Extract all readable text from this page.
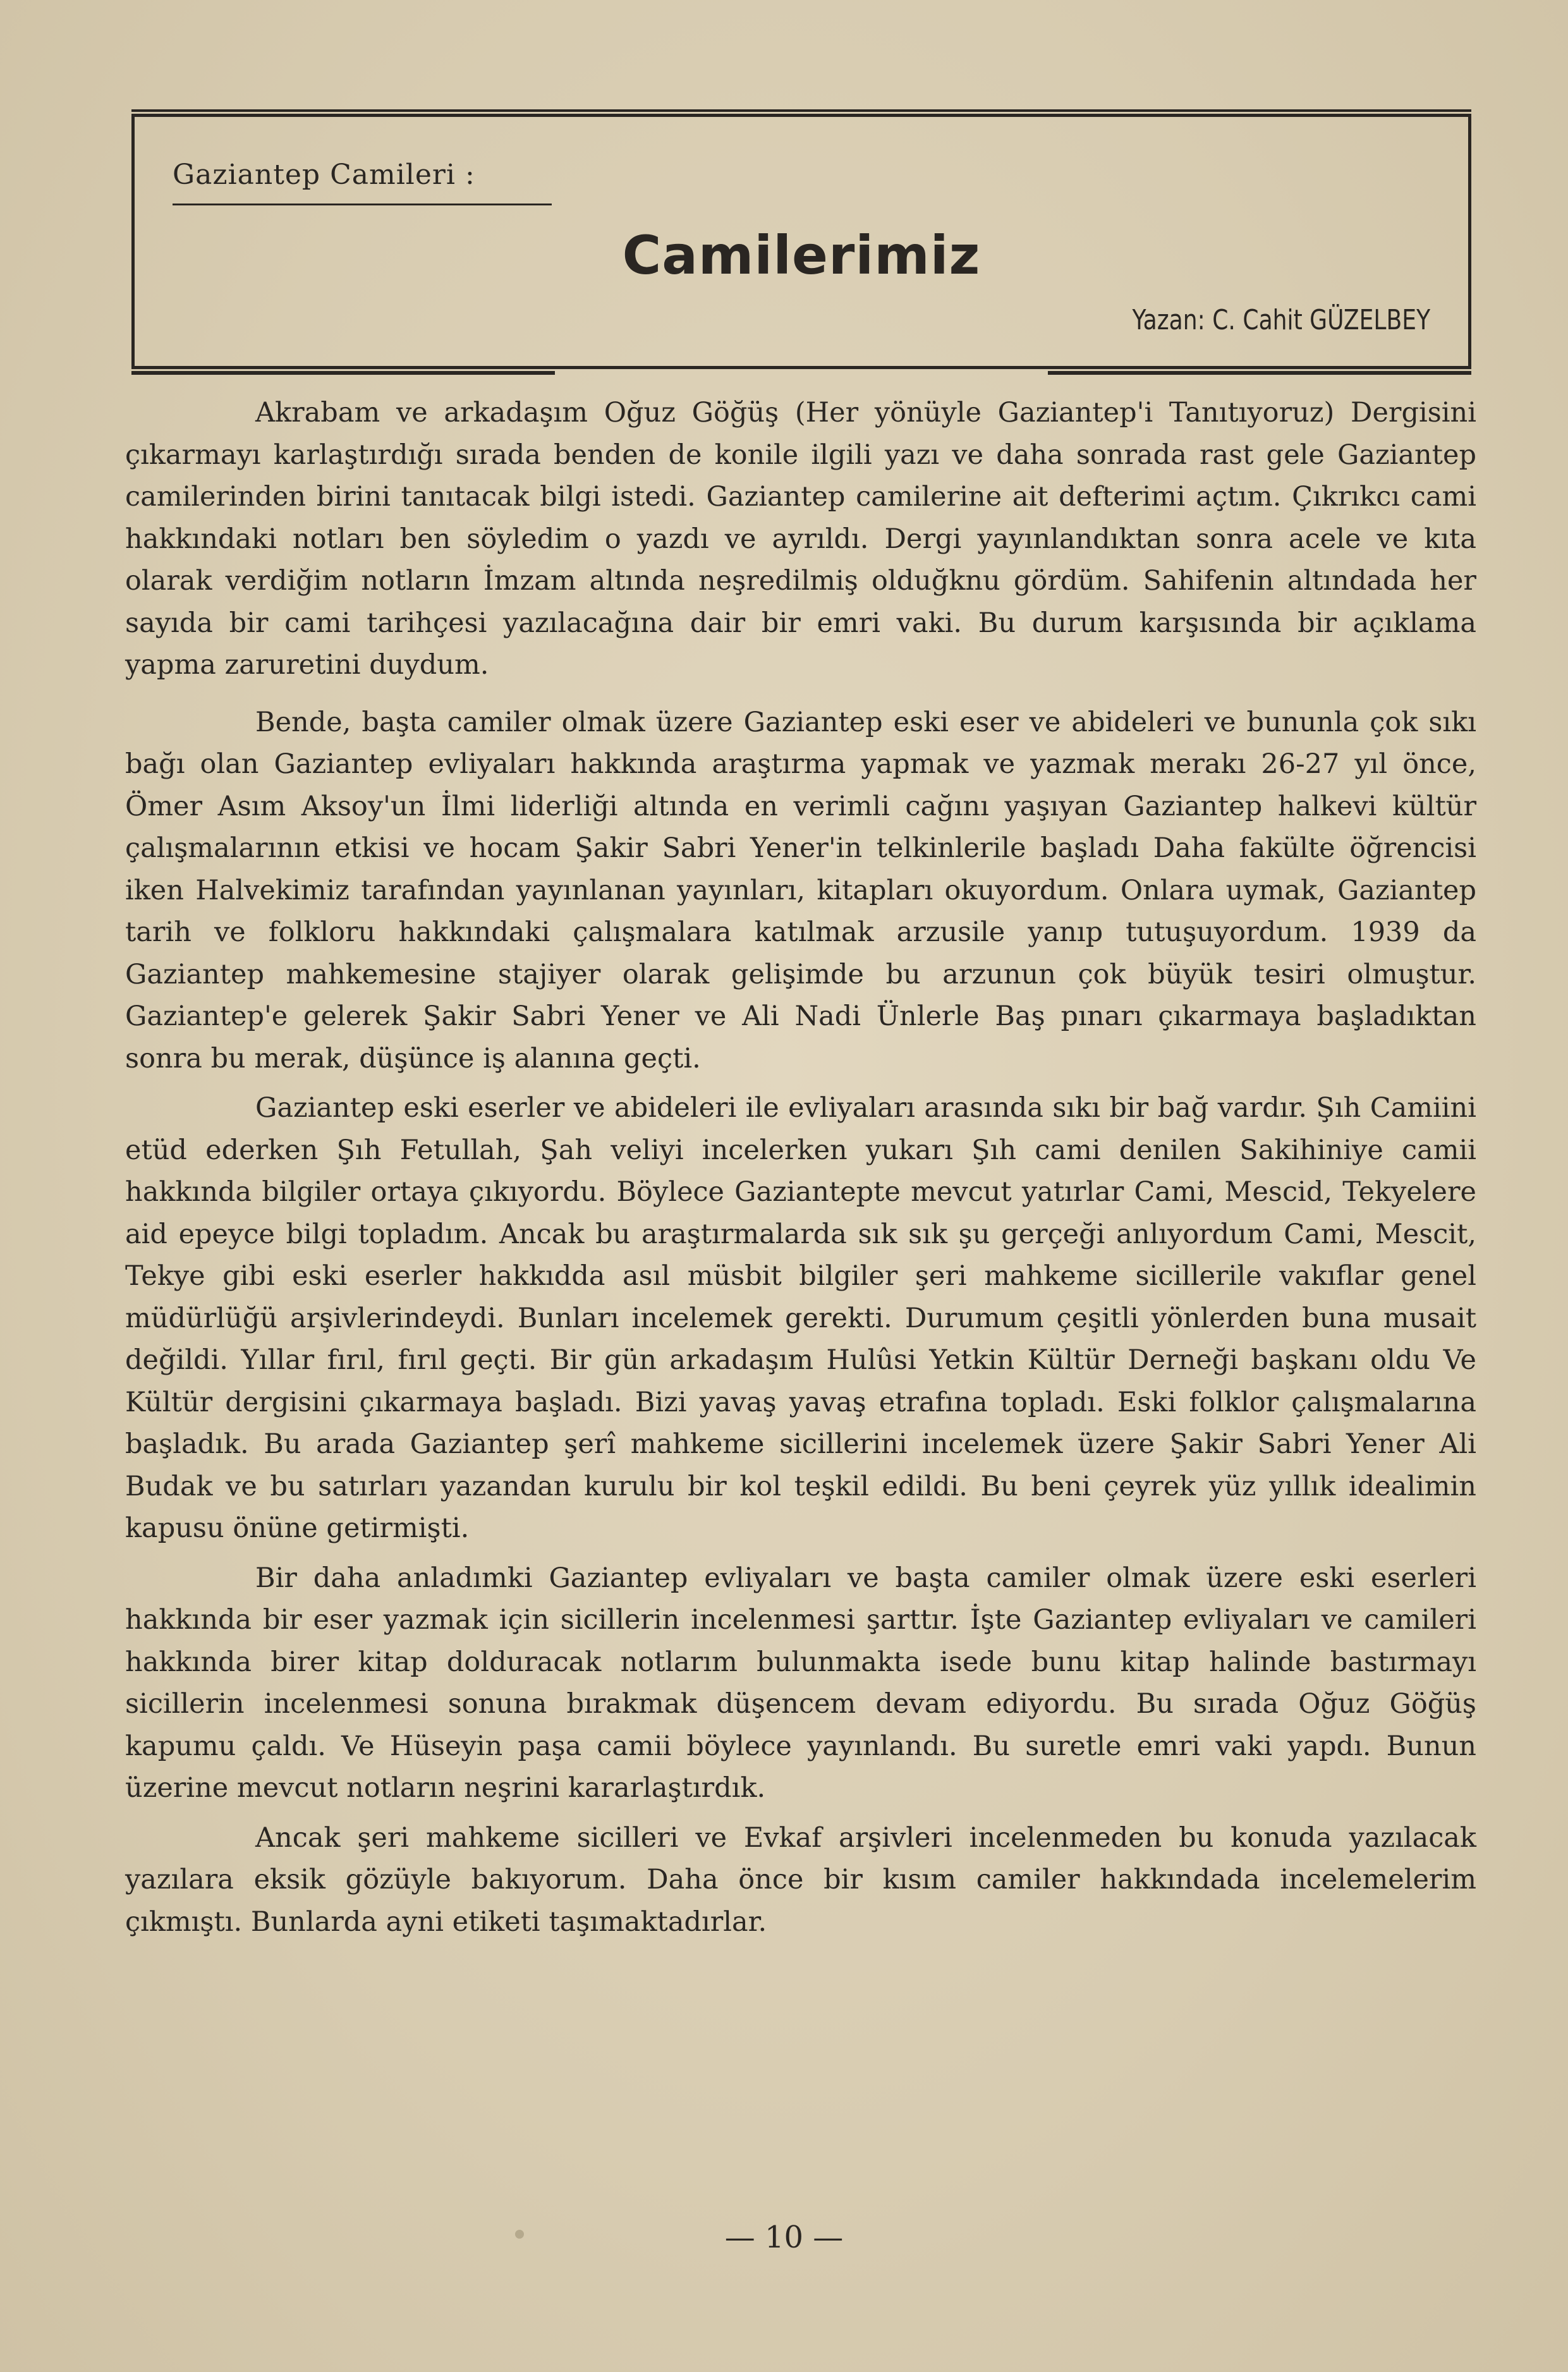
Gaziantep Camileri :
Camilerimiz
Yazan: C. Cahit GÜZELBEY

Akrabam ve arkadaşım Oğuz Göğüş (Her yönüyle Gaziantep'i Tanıtıyoruz) Dergisini çıkarmayı karlaştırdığı sırada benden de konile ilgili yazı ve daha sonrada rast gele Gaziantep camilerinden birini tanıtacak bilgi istedi. Gaziantep camilerine ait defterimi açtım. Çıkrıkcı cami hakkındaki notları ben söyledim o yazdı ve ayrıldı. Dergi yayınlandıktan sonra acele ve kıta olarak verdiğim notların İmzam altında neşredilmiş olduğknu gördüm. Sahifenin altındada her sayıda bir cami tarihçesi yazılacağına dair bir emri vaki. Bu durum karşısında bir açıklama yapma zaruretini duydum.

Bende, başta camiler olmak üzere Gaziantep eski eser ve abideleri ve bununla çok sıkı bağı olan Gaziantep evliyaları hakkında araştırma yapmak ve yazmak merakı 26-27 yıl önce, Ömer Asım Aksoy'un İlmi liderliği altında en verimli cağını yaşıyan Gaziantep halkevi kültür çalışmalarının etkisi ve hocam Şakir Sabri Yener'in telkinlerile başladı Daha fakülte öğrencisi iken Halvekimiz tarafından yayınlanan yayınları, kitapları okuyordum. Onlara uymak, Gaziantep tarih ve folkloru hakkındaki çalışmalara katılmak arzusile yanıp tutuşuyordum. 1939 da Gaziantep mahkemesine stajiyer olarak gelişimde bu arzunun çok büyük tesiri olmuştur. Gaziantep'e gelerek Şakir Sabri Yener ve Ali Nadi Ünlerle Baş pınarı çıkarmaya başladıktan sonra bu merak, düşünce iş alanına geçti.

Gaziantep eski eserler ve abideleri ile evliyaları arasında sıkı bir bağ vardır. Şıh Camiini etüd ederken Şıh Fetullah, Şah veliyi incelerken yukarı Şıh cami denilen Sakihiniye camii hakkında bilgiler ortaya çıkıyordu. Böylece Gaziantepte mevcut yatırlar Cami, Mescid, Tekyelere aid epeyce bilgi topladım. Ancak bu araştırmalarda sık sık şu gerçeği anlıyordum Cami, Mescit, Tekye gibi eski eserler hakkıdda asıl müsbit bilgiler şeri mahkeme sicillerile vakıflar genel müdürlüğü arşivlerindeydi. Bunları incelemek gerekti. Durumum çeşitli yönlerden buna musait değildi. Yıllar fırıl, fırıl geçti. Bir gün arkadaşım Hulûsi Yetkin Kültür Derneği başkanı oldu Ve Kültür dergisini çıkarmaya başladı. Bizi yavaş yavaş etrafına topladı. Eski folklor çalışmalarına başladık. Bu arada Gaziantep şerî mahkeme sicillerini incelemek üzere Şakir Sabri Yener Ali Budak ve bu satırları yazandan kurulu bir kol teşkil edildi. Bu beni çeyrek yüz yıllık idealimin kapusu önüne getirmişti.

Bir daha anladımki Gaziantep evliyaları ve başta camiler olmak üzere eski eserleri hakkında bir eser yazmak için sicillerin incelenmesi şarttır. İşte Gaziantep evliyaları ve camileri hakkında birer kitap dolduracak notlarım bulunmakta isede bunu kitap halinde bastırmayı sicillerin incelenmesi sonuna bırakmak düşencem devam ediyordu. Bu sırada Oğuz Göğüş kapumu çaldı. Ve Hüseyin paşa camii böylece yayınlandı. Bu suretle emri vaki yapdı. Bunun üzerine mevcut notların neşrini kararlaştırdık.

Ancak şeri mahkeme sicilleri ve Evkaf arşivleri incelenmeden bu konuda yazılacak yazılara eksik gözüyle bakıyorum. Daha önce bir kısım camiler hakkındada incelemelerim çıkmıştı. Bunlarda ayni etiketi taşımaktadırlar.

— 10 —
